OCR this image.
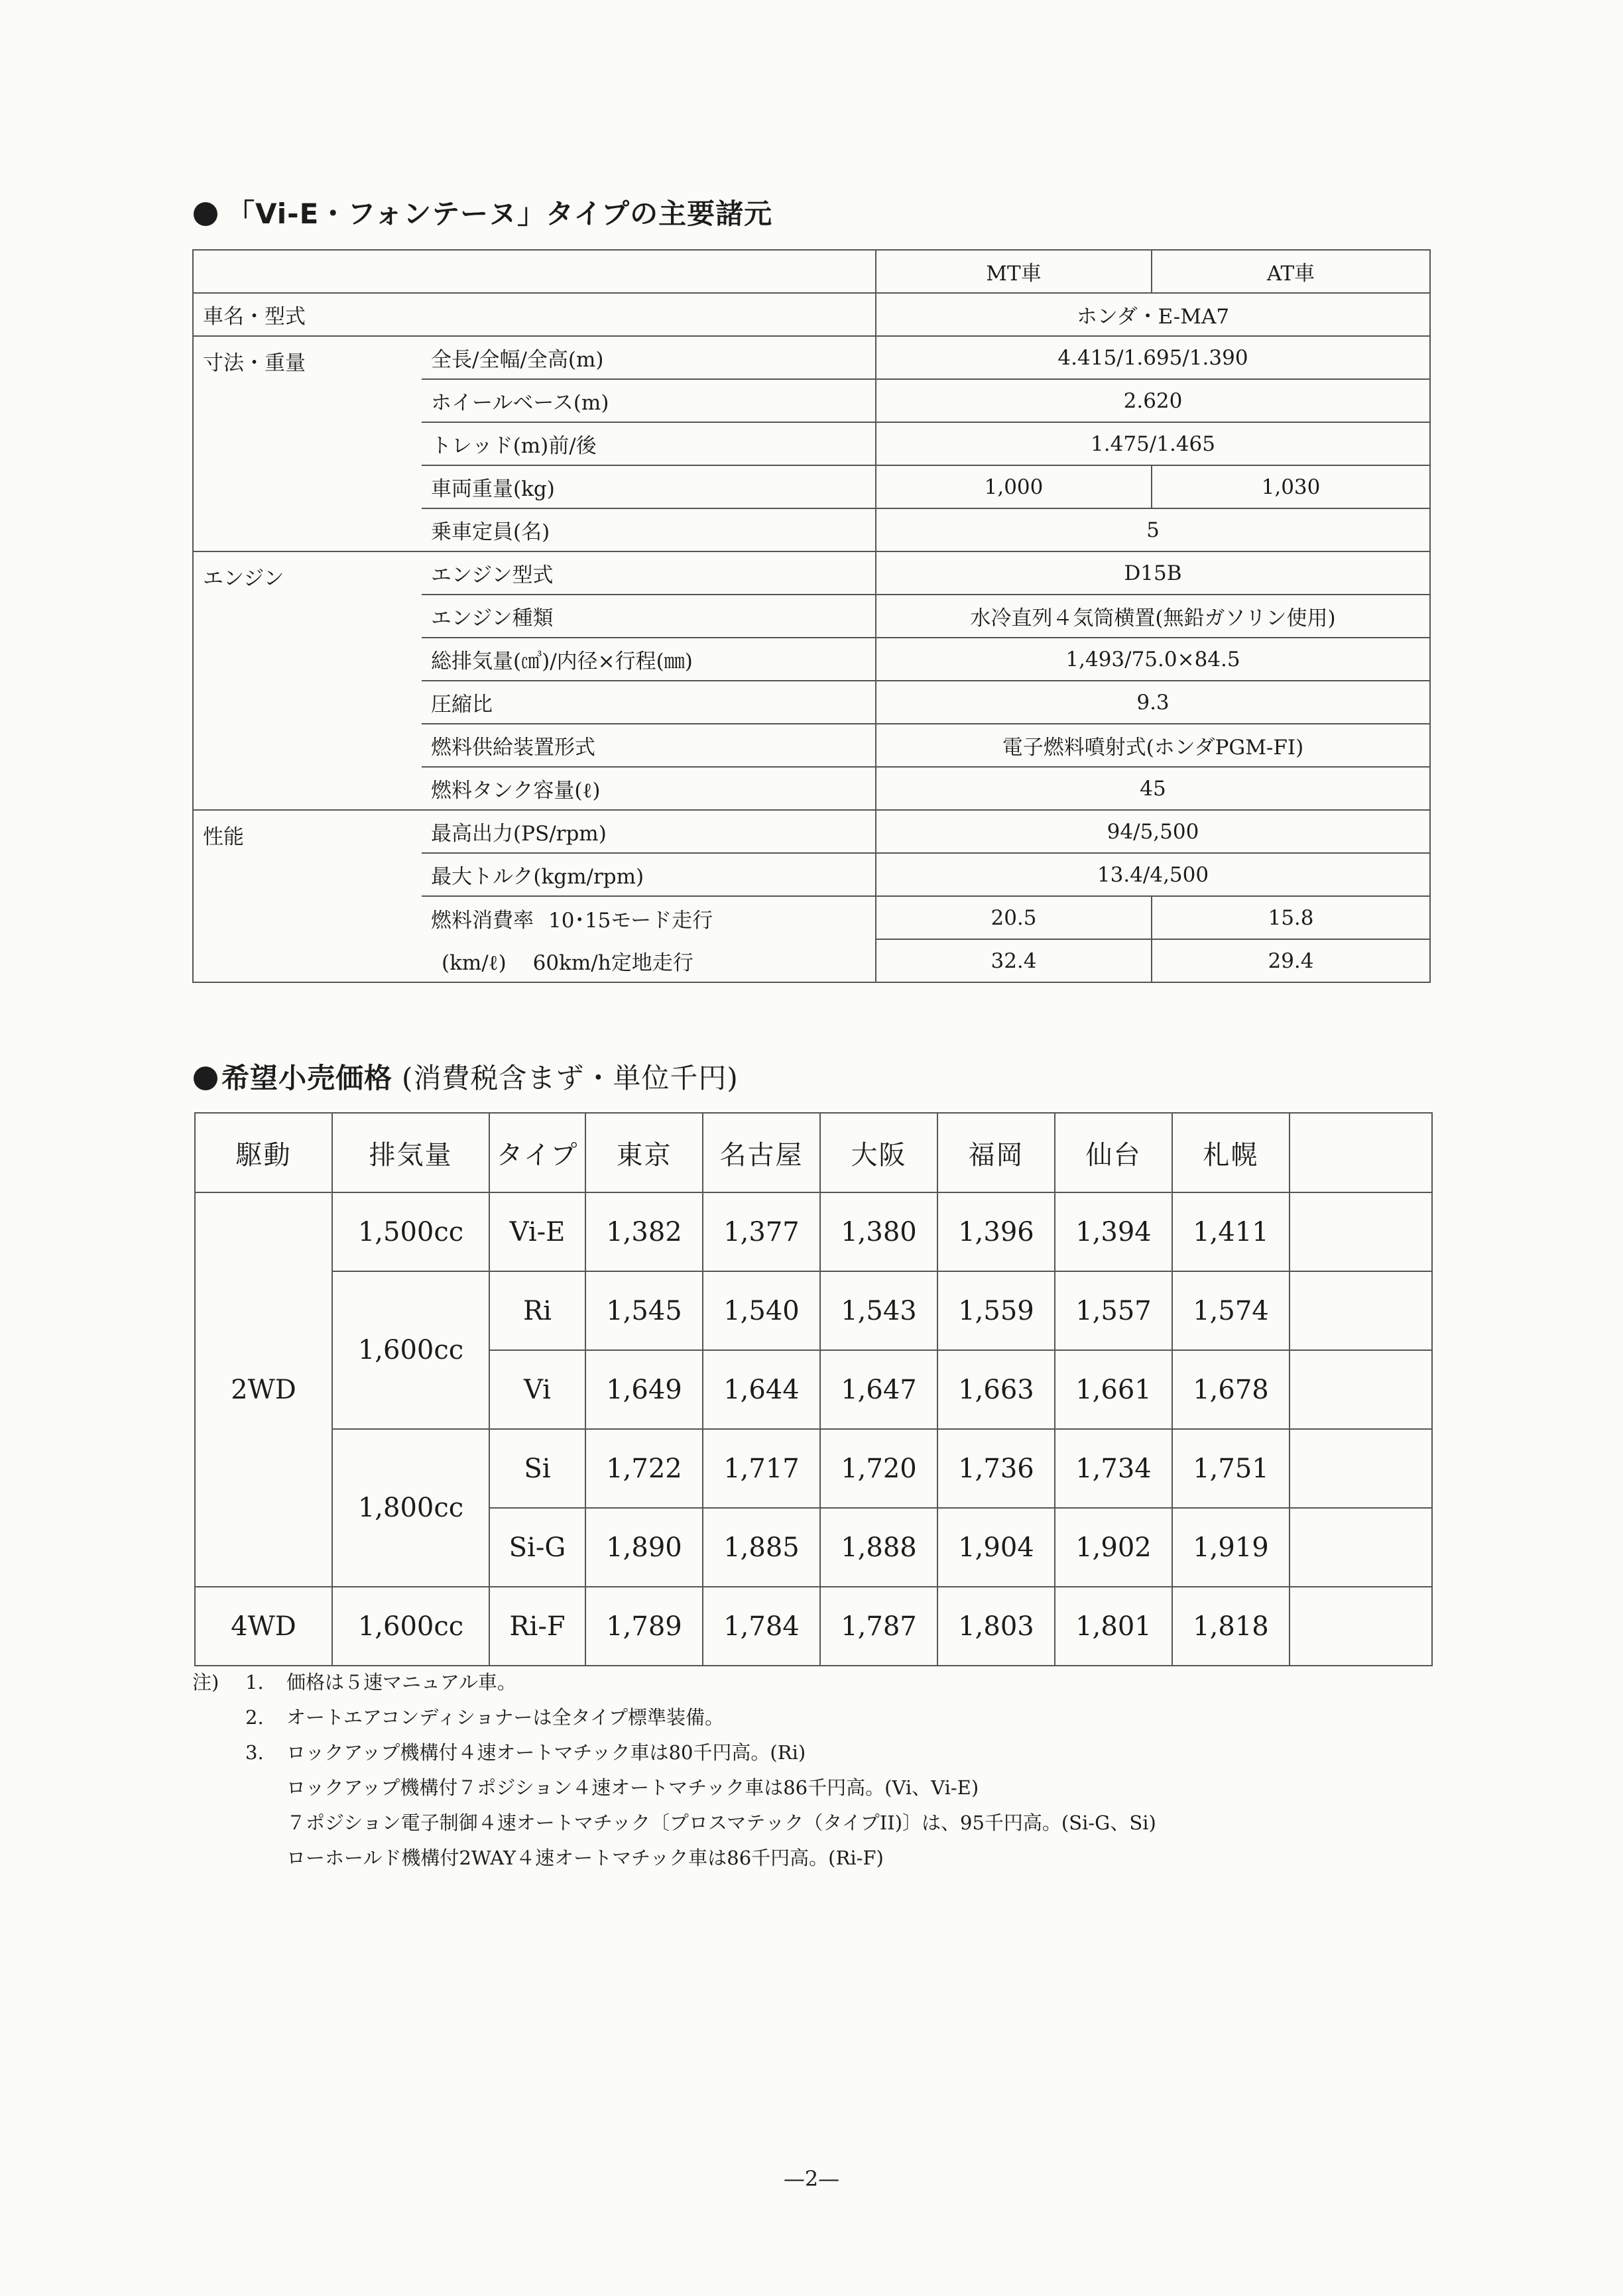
「Vi-E・フォンテーヌ」タイプの主要諸元
		MT車	AT車
車名・型式		ホンダ・E-MA7	
寸法・重量	全長/全幅/全高(m)	4.415/1.695/1.390	
	ホイールベース(m)	2.620	
	トレッド(m)前/後	1.475/1.465	
	車両重量(kg)	1,000	1,030
	乗車定員(名)	5	
エンジン	エンジン型式	D15B	
	エンジン種類	水冷直列４気筒横置(無鉛ガソリン使用)	
	総排気量(㎤)/内径×行程(㎜)	1,493/75.0×84.5	
	圧縮比	9.3	
	燃料供給装置形式	電子燃料噴射式(ホンダPGM-FI)	
	燃料タンク容量(ℓ)	45	
性能	最高出力(PS/rpm)	94/5,500	
	最大トルク(kgm/rpm)	13.4/4,500	
	燃料消費率 10･15モード走行	20.5	15.8
	(km/ℓ) 60km/h定地走行	32.4	29.4
希望小売価格 (消費税含まず・単位千円)
駆動	排気量	タイプ	東京	名古屋	大阪	福岡	仙台	札幌	
2WD	1,500cc	Vi-E	1,382	1,377	1,380	1,396	1,394	1,411	
	1,600cc	Ri	1,545	1,540	1,543	1,559	1,557	1,574	
		Vi	1,649	1,644	1,647	1,663	1,661	1,678	
	1,800cc	Si	1,722	1,717	1,720	1,736	1,734	1,751	
		Si-G	1,890	1,885	1,888	1,904	1,902	1,919	
4WD	1,600cc	Ri-F	1,789	1,784	1,787	1,803	1,801	1,818	
注)	1.	価格は５速マニュアル車。
2.	オートエアコンディショナーは全タイプ標準装備。
3.	ロックアップ機構付４速オートマチック車は80千円高。(Ri)
ロックアップ機構付７ポジション４速オートマチック車は86千円高。(Vi、Vi-E)
７ポジション電子制御４速オートマチック〔プロスマテック（タイプII)〕は、95千円高。(Si-G、Si)
ローホールド機構付2WAY４速オートマチック車は86千円高。(Ri-F)
—2—
